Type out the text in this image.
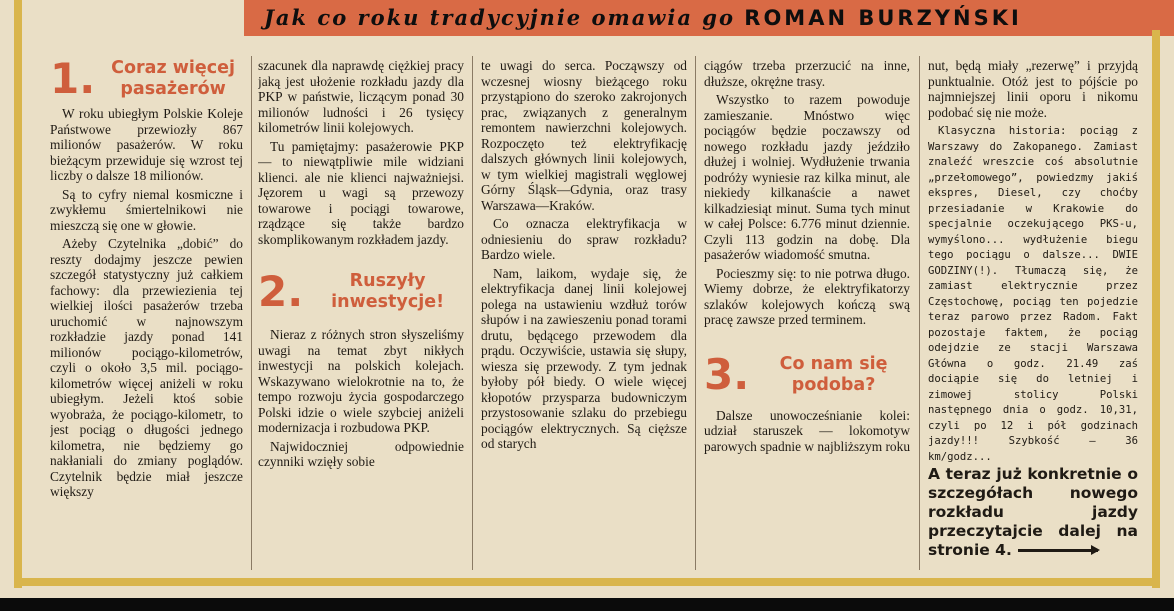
Jak co roku tradycyjnie omawia go ROMAN BURZYŃSKI
1. Coraz więcej pasażerów

W roku ubiegłym Polskie Koleje Państwowe przewiozły 867 milionów pasażerów. W roku bieżącym przewiduje się wzrost tej liczby o dalsze 18 milionów.

Są to cyfry niemal kosmiczne i zwykłemu śmiertelnikowi nie mieszczą się one w głowie.

Ażeby Czytelnika „dobić” do reszty dodajmy jeszcze pewien szczegół statystyczny już całkiem fachowy: dla przewiezienia tej wielkiej ilości pasażerów trzeba uruchomić w najnowszym rozkładzie jazdy ponad 141 milionów pociągo-kilometrów, czyli o około 3,5 mil. pociągo-kilometrów więcej aniżeli w roku ubiegłym. Jeżeli ktoś sobie wyobraża, że pociągo-kilometr, to jest pociąg o długości jednego kilometra, nie będziemy go nakłaniali do zmiany poglądów. Czytelnik będzie miał jeszcze większy

szacunek dla naprawdę ciężkiej pracy jaką jest ułożenie rozkładu jazdy dla PKP w państwie, liczącym ponad 30 milionów ludności i 26 tysięcy kilometrów linii kolejowych.

Tu pamiętajmy: pasażerowie PKP — to niewątpliwie mile widziani klienci. ale nie klienci najważniejsi. Jęzorem u wagi są przewozy towarowe i pociągi towarowe, rządzące się także bardzo skomplikowanym rozkładem jazdy.

2.	Ruszyły inwestycje!

Nieraz z różnych stron słyszeliśmy uwagi na temat zbyt nikłych inwestycji na polskich kolejach. Wskazywano wielokrotnie na to, że tempo rozwoju życia gospodarczego Polski idzie o wiele szybciej aniżeli modernizacja i rozbudowa PKP.

Najwidoczniej odpowiednie czynniki wzięły sobie

te uwagi do serca. Począwszy od wczesnej wiosny bieżącego roku przystąpiono do szeroko zakrojonych prac, związanych z generalnym remontem nawierzchni kolejowych. Rozpoczęto też elektryfikację dalszych głównych linii kolejowych, w tym wielkiej magistrali węglowej Górny Śląsk—Gdynia, oraz trasy Warszawa—Kraków.

Co oznacza elektryfikacja w odniesieniu do spraw rozkładu? Bardzo wiele.

Nam, laikom, wydaje się, że elektryfikacja danej linii kolejowej polega na ustawieniu wzdłuż torów słupów i na zawieszeniu ponad torami drutu, będącego przewodem dla prądu. Oczywiście, ustawia się słupy, wiesza się przewody. Z tym jednak byłoby pół biedy. O wiele więcej kłopotów przysparza budowniczym przystosowanie szlaku do przebiegu pociągów elektrycznych. Są cięższe od starych

ciągów trzeba przerzucić na inne, dłuższe, okrężne trasy.

Wszystko to razem powoduje zamieszanie. Mnóstwo więc pociągów będzie poczawszy od nowego rozkładu jazdy jeździło dłużej i wolniej. Wydłużenie trwania podróży wyniesie raz kilka minut, ale niekiedy kilkanaście a nawet kilkadziesiąt minut. Suma tych minut w całej Polsce: 6.776 minut dziennie. Czyli 113 godzin na dobę. Dla pasażerów wiadomość smutna.

Pocieszmy się: to nie potrwa długo. Wiemy dobrze, że elektryfikatorzy szlaków kolejowych kończą swą pracę zawsze przed terminem.

3.	Co nam się podoba?

Dalsze unowocześnianie kolei: udział staruszek — lokomotyw parowych spadnie w najbliższym roku

nut, będą miały „rezerwę” i przyjdą punktualnie. Otóż jest to pójście po najmniejszej linii oporu i nikomu podobać się nie może.

Klasyczna historia: pociąg z Warszawy do Zakopanego. Zamiast znaleźć wreszcie coś absolutnie „przełomowego”, powiedzmy jakiś ekspres, Diesel, czy choćby przesiadanie w Krakowie do specjalnie oczekującego PKS-u, wymyślono... wydłużenie biegu tego pociągu o dalsze... DWIE GODZINY(!). Tłumaczą się, że zamiast elektrycznie przez Częstochowę, pociąg ten pojedzie teraz parowo przez Radom. Fakt pozostaje faktem, że pociąg odejdzie ze stacji Warszawa Główna o godz. 21.49 zaś dociąpie się do letniej i zimowej stolicy Polski następnego dnia o godz. 10,31, czyli po 12 i pół godzinach jazdy!!! Szybkość — 36 km/godz...

A teraz już konkretnie o szczegółach nowego rozkładu jazdy przeczytajcie dalej na stronie 4.
